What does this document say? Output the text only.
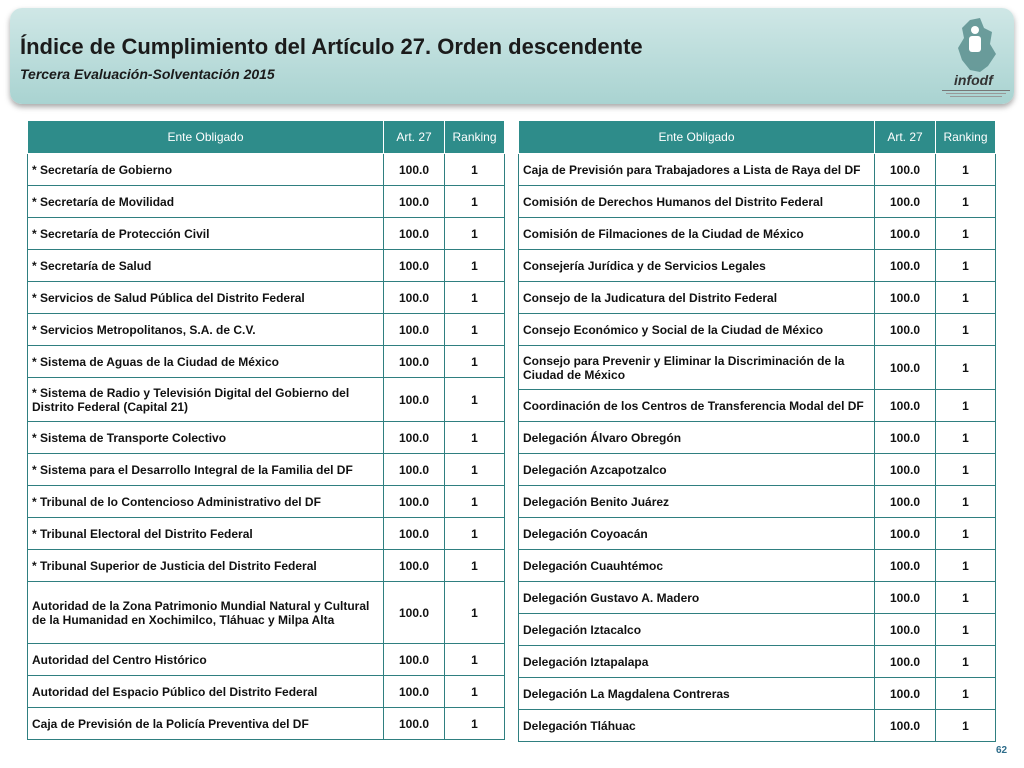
Índice de Cumplimiento del Artículo 27. Orden descendente
Tercera Evaluación-Solventación 2015	infodf
Ente Obligado	Art. 27	Ranking
* Secretaría de Gobierno	100.0	1
* Secretaría de Movilidad	100.0	1
* Secretaría de Protección Civil	100.0	1
* Secretaría de Salud	100.0	1
* Servicios de Salud Pública del Distrito Federal	100.0	1
* Servicios Metropolitanos, S.A. de C.V.	100.0	1
* Sistema de Aguas de la Ciudad de México	100.0	1
* Sistema de Radio y Televisión Digital del Gobierno del Distrito Federal (Capital 21)	100.0	1
* Sistema de Transporte Colectivo	100.0	1
* Sistema para el Desarrollo Integral de la Familia del DF	100.0	1
* Tribunal de lo Contencioso Administrativo del DF	100.0	1
* Tribunal Electoral del Distrito Federal	100.0	1
* Tribunal Superior de Justicia del Distrito Federal	100.0	1
Autoridad de la Zona Patrimonio Mundial Natural y Cultural de la Humanidad en Xochimilco, Tláhuac y Milpa Alta	100.0	1
Autoridad del Centro Histórico	100.0	1
Autoridad del Espacio Público del Distrito Federal	100.0	1
Caja de Previsión de la Policía Preventiva del DF	100.0	1
Ente Obligado	Art. 27	Ranking
Caja de Previsión para Trabajadores a Lista de Raya del DF	100.0	1
Comisión de Derechos Humanos del Distrito Federal	100.0	1
Comisión de Filmaciones de la Ciudad de México	100.0	1
Consejería Jurídica y de Servicios Legales	100.0	1
Consejo de la Judicatura del Distrito Federal	100.0	1
Consejo Económico y Social de la Ciudad de México	100.0	1
Consejo para Prevenir y Eliminar la Discriminación de la Ciudad de México	100.0	1
Coordinación de los Centros de Transferencia Modal del DF	100.0	1
Delegación Álvaro Obregón	100.0	1
Delegación Azcapotzalco	100.0	1
Delegación Benito Juárez	100.0	1
Delegación Coyoacán	100.0	1
Delegación Cuauhtémoc	100.0	1
Delegación Gustavo A. Madero	100.0	1
Delegación Iztacalco	100.0	1
Delegación Iztapalapa	100.0	1
Delegación La Magdalena Contreras	100.0	1
Delegación Tláhuac	100.0	1
62
